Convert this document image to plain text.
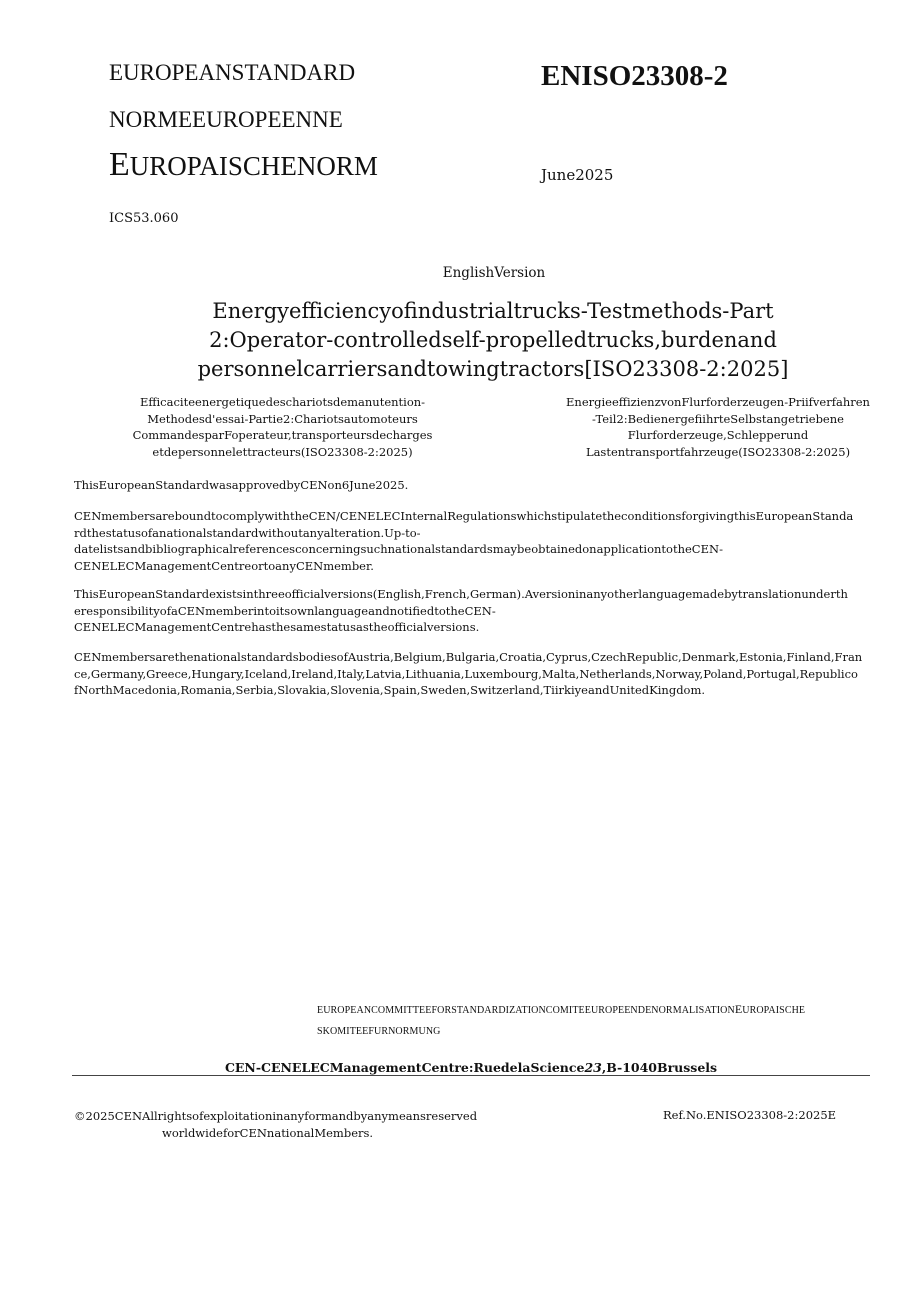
EUROPEANSTANDARD
NORMEEUROPEENNE
EUROPAISCHENORM
ENISO23308-2
June2025
ICS53.060
EnglishVersion
Energyefficiencyofindustrialtrucks-Testmethods-Part
2:Operator-controlledself-propelledtrucks,burdenand
personnelcarriersandtowingtractors[ISO23308-2:2025]
Efficaciteenergetiquedeschariotsdemanutention-
Methodesd'essai-Partie2:Chariotsautomoteurs
CommandesparFoperateur,transporteursdecharges
etdepersonnelettracteurs(ISO23308-2:2025)
EnergieeffizienzvonFlurforderzeugen-Priifverfahren
-Teil2:BedienergefiihrteSelbstangetriebene
Flurforderzeuge,Schlepperund
Lastentransportfahrzeuge(ISO23308-2:2025)
ThisEuropeanStandardwasapprovedbyCENon6June2025.
CENmembersareboundtocomplywiththeCEN/CENELECInternalRegulationswhichstipulatetheconditionsforgivingthisEuropeanStanda
rdthestatusofanationalstandardwithoutanyalteration.Up-to-
datelistsandbibliographicalreferencesconcerningsuchnationalstandardsmaybeobtainedonapplicationtotheCEN-
CENELECManagementCentreortoanyCENmember.
ThisEuropeanStandardexistsinthreeofficialversions(English,French,German).Aversioninanyotherlanguagemadebytranslationunderth
eresponsibilityofaCENmemberintoitsownlanguageandnotifiedtotheCEN-
CENELECManagementCentrehasthesamestatusastheofficialversions.
CENmembersarethenationalstandardsbodiesofAustria,Belgium,Bulgaria,Croatia,Cyprus,CzechRepublic,Denmark,Estonia,Finland,Fran
ce,Germany,Greece,Hungary,Iceland,Ireland,Italy,Latvia,Lithuania,Luxembourg,Malta,Netherlands,Norway,Poland,Portugal,Republico
fNorthMacedonia,Romania,Serbia,Slovakia,Slovenia,Spain,Sweden,Switzerland,TiirkiyeandUnitedKingdom.
EUROPEANCOMMITTEEFORSTANDARDIZATIONCOMITEEUROPEENDENORMALISATIONEUROPAISCHE
SKOMITEEFURNORMUNG
CEN-CENELECManagementCentre:RuedelaScience23,B-1040Brussels
©2025CENAllrightsofexploitationinanyformandbyanymeansreserved
worldwideforCENnationalMembers.
Ref.No.ENISO23308-2:2025E
